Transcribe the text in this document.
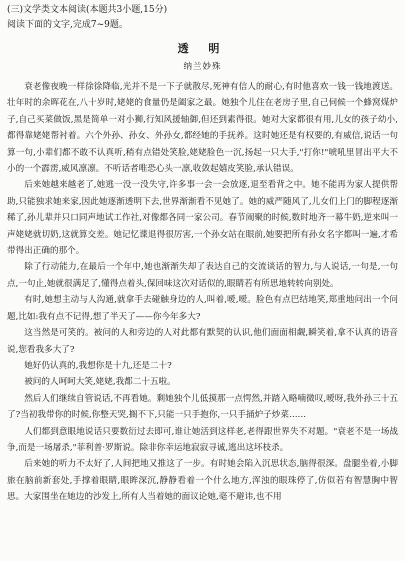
(三)文学类文本阅读(本题共3小题,15分)
阅读下面的文字,完成7~9题。
透 明
纳兰妙殊

衰老像夜晚一样徐徐降临,光并不是一下子就散尽,死神有信人的耐心,有时他喜欢一钱一钱地渡送。壮年时的余晖花在,八十岁时,姥姥的食量仍是阖家之最。她独个儿住在老房子里,自己伺候一个蜂窝煤炉子,自己买菜做饭,黑是简单一对小狮,行知风援轴御,但还到素得很。她对大家都很有用,儿女的孩子幼小,都得靠姥姥帮衬着。六个外孙、孙女、外孙女,都经她的手抚养。这时她还是有权要的,有威信,说话一句算一句,小辈们都不敢不认真听,稍有点错处笑脸,姥姥脸色一沉,扬起一只大手,"打你!"唬吼里冒出平大不小的一个霹雳,威风凛凛。不听话者唯恐心头一凛,收敛起嬉皮笑脸,承认错误。

后来她越来越老了,她逃一没一没失守,许多事一会一会放逐,退至看背之中。她不能再为家人提供帮助,只能独求她来家,因此她逐渐透明下去,世界渐渐看不见她了。她的威严随风了,儿女们上门的脚程逐渐稀了,孙儿辈并只口同声地试工作社,对像都各同一家公司。春节闹聚的时候,数时地齐一幕牛奶,逆来叫一声姥姥就切奶,这就算交差。她记忆谍退得很厉害,一个孙女站在眼前,她要把所有孙女名字都叫一遍,才希带得出正确的那个。

除了行动能力,在最后一个年中,她也渐渐失却了表达自己的交流谈话的智力,与人说话,一句是,一句点,一句止,她就很满足了,懂得点着头,保回味这次对话似的,眼睛若有所思地转转向别处。

有时,她想主动与人沟通,就拿手去碰触身边的人,叫着,嗳,嗳。脸色有点巴结地笑,郑重地问出一个问题,比如:我有点不记得,想了半天了——你今年多大?

这当然是可笑的。被问的人和旁边的人对此都有默契的认识,他们面面相觑,瞬笑着,拿不认真的语音说,您看我多大了?

她好仍认真的,我想你是十九,还是二十?

被问的人呵呵大笑,姥姥,我都二十五啦。

然后人们继续自管说话,不再看她。剩她独个儿低摸那一点愕然,并踏入略喃微叹,嗳呀,我外孙三十五了?当初我带你的时候,你整天哭,搁不下,只能一只手抱你,一只手捅炉子炒菜……

人们都到意眼地说话只要数衍过去即可,谁让她活到这样老,老得跟世界失不对题。"衰老不是一场战争,而是一场屠杀,"菲利普·罗斯说。除非你幸运地寂寂寻诚,逃出这坏枝杀。

后来她的听力不太好了,人间把地又推这了一步。有时她会陷入沉思状态,脑得很深。盘腿坐着,小脚旅在脑前新套处,手撑着眼睛,眼眸深沉,静静看着一个什么地方,浑浊的眼珠停了,仿似若有智慧胸中智思。大家围坐在她边的沙发上,所有人当着她的面议论她,毫不避讳,也不用
